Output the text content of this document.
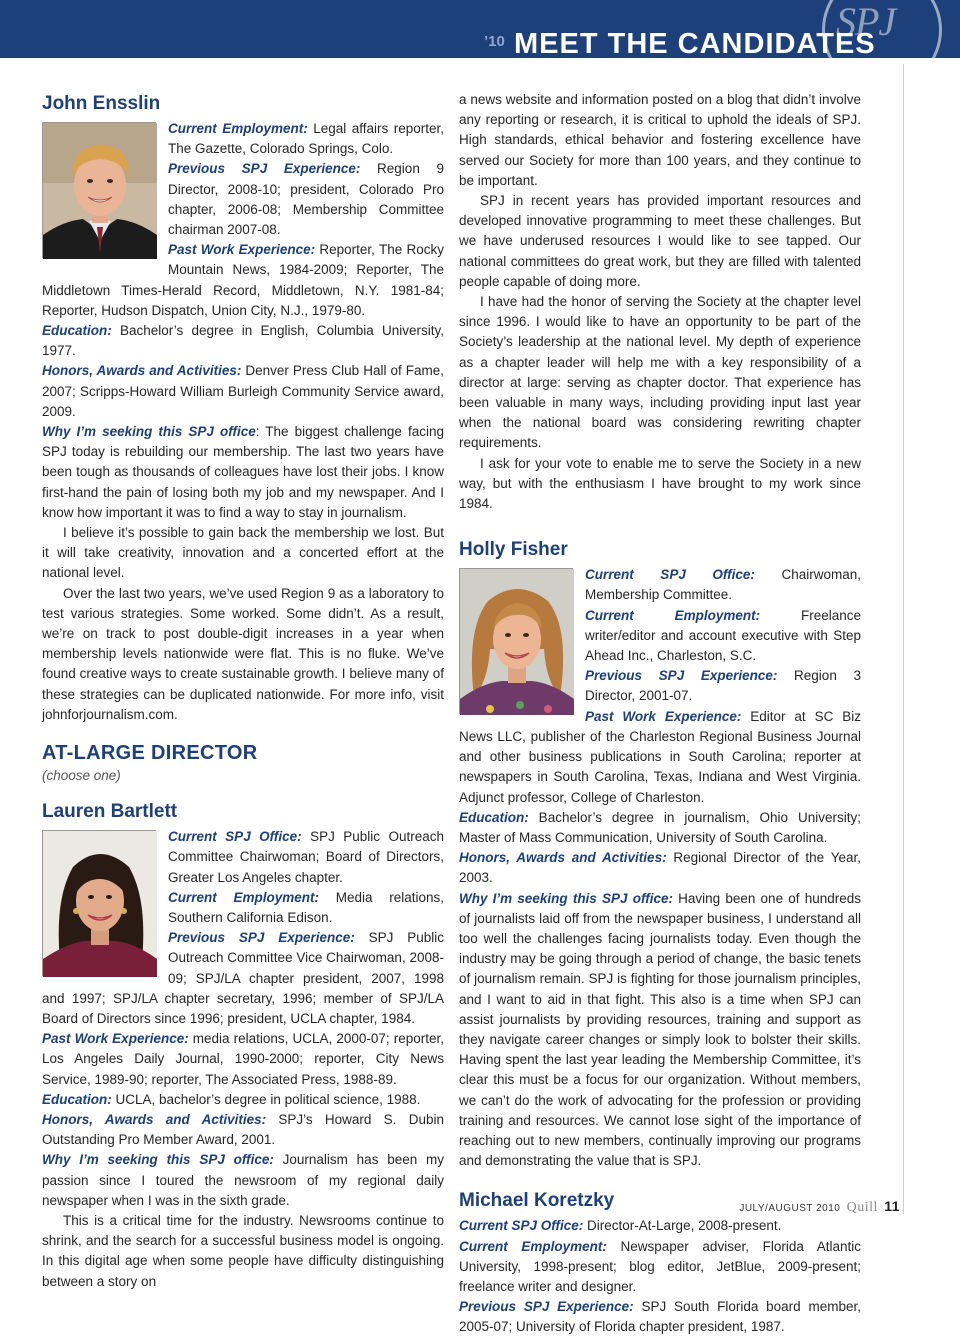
SPJ
’10 MEET THE CANDIDATES
John Ensslin

Current Employment: Legal affairs reporter, The Gazette, Colorado Springs, Colo.
Previous SPJ Experience: Region 9 Director, 2008-10; president, Colorado Pro chapter, 2006-08; Membership Committee chairman 2007-08.
Past Work Experience: Reporter, The Rocky Mountain News, 1984-2009; Reporter, The Middletown Times-Herald Record, Middletown, N.Y. 1981-84; Reporter, Hudson Dispatch, Union City, N.J., 1979-80.
Education: Bachelor’s degree in English, Columbia University, 1977.
Honors, Awards and Activities: Denver Press Club Hall of Fame, 2007; Scripps-Howard William Burleigh Community Service award, 2009.
Why I’m seeking this SPJ office: The biggest challenge facing SPJ today is rebuilding our membership. The last two years have been tough as thousands of colleagues have lost their jobs. I know first-hand the pain of losing both my job and my newspaper. And I know how important it was to find a way to stay in journalism.

I believe it’s possible to gain back the membership we lost. But it will take creativity, innovation and a concerted effort at the national level.

Over the last two years, we’ve used Region 9 as a laboratory to test various strategies. Some worked. Some didn’t. As a result, we’re on track to post double-digit increases in a year when membership levels nationwide were flat. This is no fluke. We’ve found creative ways to create sustainable growth. I believe many of these strategies can be duplicated nationwide. For more info, visit johnforjournalism.com.

AT-LARGE DIRECTOR
(choose one)
Lauren Bartlett

Current SPJ Office: SPJ Public Outreach Committee Chairwoman; Board of Directors, Greater Los Angeles chapter.
Current Employment: Media relations, Southern California Edison.
Previous SPJ Experience: SPJ Public Outreach Committee Vice Chairwoman, 2008-09; SPJ/LA chapter president, 2007, 1998 and 1997; SPJ/LA chapter secretary, 1996; member of SPJ/LA Board of Directors since 1996; president, UCLA chapter, 1984.
Past Work Experience: media relations, UCLA, 2000-07; reporter, Los Angeles Daily Journal, 1990-2000; reporter, City News Service, 1989-90; reporter, The Associated Press, 1988-89.
Education: UCLA, bachelor’s degree in political science, 1988.
Honors, Awards and Activities: SPJ’s Howard S. Dubin Outstanding Pro Member Award, 2001.
Why I’m seeking this SPJ office: Journalism has been my passion since I toured the newsroom of my regional daily newspaper when I was in the sixth grade.

This is a critical time for the industry. Newsrooms continue to shrink, and the search for a successful business model is ongoing. In this digital age when some people have difficulty distinguishing between a story on

a news website and information posted on a blog that didn’t involve any reporting or research, it is critical to uphold the ideals of SPJ. High standards, ethical behavior and fostering excellence have served our Society for more than 100 years, and they continue to be important.

SPJ in recent years has provided important resources and developed innovative programming to meet these challenges. But we have underused resources I would like to see tapped. Our national committees do great work, but they are filled with talented people capable of doing more.

I have had the honor of serving the Society at the chapter level since 1996. I would like to have an opportunity to be part of the Society’s leadership at the national level. My depth of experience as a chapter leader will help me with a key responsibility of a director at large: serving as chapter doctor. That experience has been valuable in many ways, including providing input last year when the national board was considering rewriting chapter requirements.

I ask for your vote to enable me to serve the Society in a new way, but with the enthusiasm I have brought to my work since 1984.

Holly Fisher

Current SPJ Office: Chairwoman, Membership Committee.
Current Employment: Freelance writer/editor and account executive with Step Ahead Inc., Charleston, S.C.
Previous SPJ Experience: Region 3 Director, 2001-07.
Past Work Experience: Editor at SC Biz News LLC, publisher of the Charleston Regional Business Journal and other business publications in South Carolina; reporter at newspapers in South Carolina, Texas, Indiana and West Virginia. Adjunct professor, College of Charleston.
Education: Bachelor’s degree in journalism, Ohio University; Master of Mass Communication, University of South Carolina.
Honors, Awards and Activities: Regional Director of the Year, 2003.
Why I’m seeking this SPJ office: Having been one of hundreds of journalists laid off from the newspaper business, I understand all too well the challenges facing journalists today. Even though the industry may be going through a period of change, the basic tenets of journalism remain. SPJ is fighting for those journalism principles, and I want to aid in that fight. This also is a time when SPJ can assist journalists by providing resources, training and support as they navigate career changes or simply look to bolster their skills. Having spent the last year leading the Membership Committee, it’s clear this must be a focus for our organization. Without members, we can’t do the work of advocating for the profession or providing training and resources. We cannot lose sight of the importance of reaching out to new members, continually improving our programs and demonstrating the value that is SPJ.

Michael Koretzky

Current SPJ Office: Director-At-Large, 2008-present.
Current Employment: Newspaper adviser, Florida Atlantic University, 1998-present; blog editor, JetBlue, 2009-present; freelance writer and designer.
Previous SPJ Experience: SPJ South Florida board member, 2005-07; University of Florida chapter president, 1987.

JULY/AUGUST 2010 Quill 11
